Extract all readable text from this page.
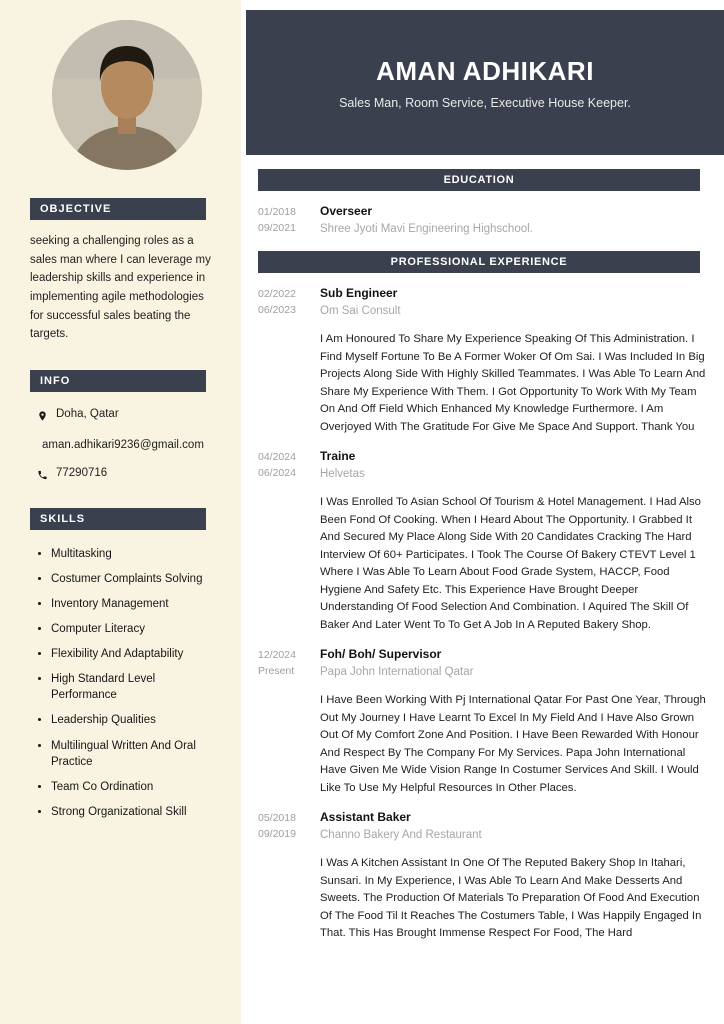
OBJECTIVE

seeking a challenging roles as a sales man where I can leverage my leadership skills and experience in implementing agile methodologies for successful sales beating the targets.

INFO
Doha, Qatar
aman.adhikari9236@gmail.com
77290716
SKILLS
• Multitasking
• Costumer Complaints Solving
• Inventory Management
• Computer Literacy
• Flexibility And Adaptability
• High Standard Level Performance
• Leadership Qualities
• Multilingual Written And Oral Practice
• Team Co Ordination
• Strong Organizational Skill
AMAN ADHIKARI

Sales Man, Room Service, Executive House Keeper.

EDUCATION
01/2018
09/2021
Overseer
Shree Jyoti Mavi Engineering Highschool.
PROFESSIONAL EXPERIENCE
02/2022
06/2023
Sub Engineer
Om Sai Consult

I Am Honoured To Share My Experience Speaking Of This Administration. I Find Myself Fortune To Be A Former Woker Of Om Sai. I Was Included In Big Projects Along Side With Highly Skilled Teammates. I Was Able To Learn And Share My Experience With Them. I Got Opportunity To Work With My Team On And Off Field Which Enhanced My Knowledge Furthermore. I Am Overjoyed With The Gratitude For Give Me Space And Support. Thank You

04/2024
06/2024
Traine
Helvetas

I Was Enrolled To Asian School Of Tourism & Hotel Management. I Had Also Been Fond Of Cooking. When I Heard About The Opportunity. I Grabbed It And Secured My Place Along Side With 20 Candidates Cracking The Hard Interview Of 60+ Participates. I Took The Course Of Bakery CTEVT Level 1 Where I Was Able To Learn About Food Grade System, HACCP, Food Hygiene And Safety Etc. This Experience Have Brought Deeper Understanding Of Food Selection And Combination. I Aquired The Skill Of Baker And Later Went To To Get A Job In A Reputed Bakery Shop.

12/2024
Present
Foh/ Boh/ Supervisor
Papa John International Qatar

I Have Been Working With Pj International Qatar For Past One Year, Through Out My Journey I Have Learnt To Excel In My Field And I Have Also Grown Out Of My Comfort Zone And Position. I Have Been Rewarded With Honour And Respect By The Company For My Services. Papa John International Have Given Me Wide Vision Range In Costumer Services And Skill. I Would Like To Use My Helpful Resources In Other Places.

05/2018
09/2019
Assistant Baker
Channo Bakery And Restaurant

I Was A Kitchen Assistant In One Of The Reputed Bakery Shop In Itahari, Sunsari. In My Experience, I Was Able To Learn And Make Desserts And Sweets. The Production Of Materials To Preparation Of Food And Execution Of The Food Til It Reaches The Costumers Table, I Was Happily Engaged In That. This Has Brought Immense Respect For Food, The Hard
